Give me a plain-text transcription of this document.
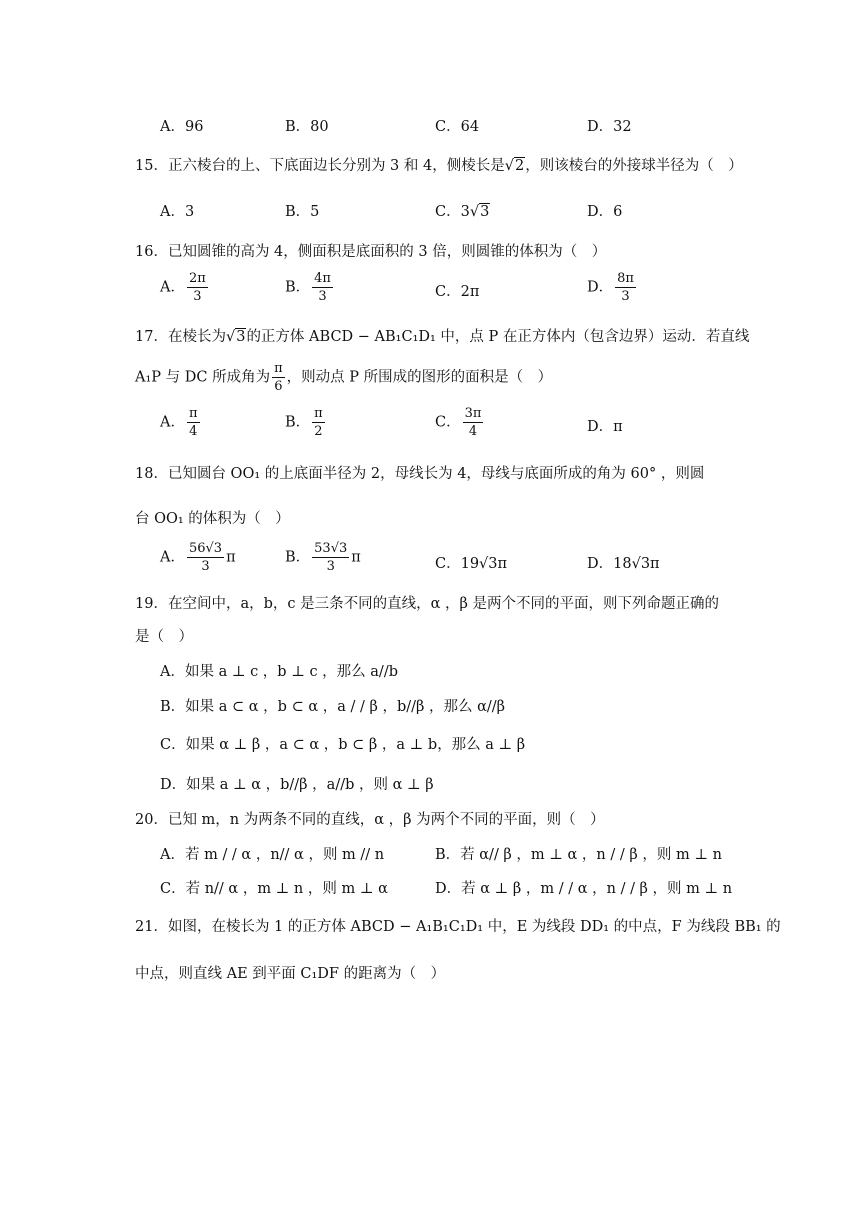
A．96	B．80	C．64	D．32
15．正六棱台的上、下底面边长分别为 3 和 4，侧棱长是√2，则该棱台的外接球半径为（　）
A．3	B．5	C．3√3	D．6
16．已知圆锥的高为 4，侧面积是底面积的 3 倍，则圆锥的体积为（　）
A． $\frac{2\pi}{3}$	B． $\frac{4\pi}{3}$	C．2π	D． $\frac{8\pi}{3}$
17．在棱长为√3的正方体 ABCD − AB₁C₁D₁ 中，点 P 在正方体内（包含边界）运动．若直线
A₁P 与 DC 所成角为 $\frac{\pi}{6}$ ，则动点 P 所围成的图形的面积是（　）
A． $\frac{\pi}{4}$	B． $\frac{\pi}{2}$	C． $\frac{3\pi}{4}$	D．π
18．已知圆台 OO₁ 的上底面半径为 2，母线长为 4，母线与底面所成的角为 60° ，则圆
台 OO₁ 的体积为（　）
A． $\frac{56√3}{3}$ π	B． $\frac{53√3}{3}$ π	C．19√3π	D．18√3π
19．在空间中，a，b，c 是三条不同的直线，α ，β 是两个不同的平面，则下列命题正确的
是（　）
A．如果 a ⊥ c ，b ⊥ c ，那么 a//b
B．如果 a ⊂ α ，b ⊂ α ，a / / β ，b//β ，那么 α//β
C．如果 α ⊥ β ，a ⊂ α ，b ⊂ β ，a ⊥ b，那么 a ⊥ β
D．如果 a ⊥ α ，b//β ，a//b ，则 α ⊥ β
20．已知 m，n 为两条不同的直线，α ，β 为两个不同的平面，则（　）
A．若 m / / α ，n// α ，则 m // n	B．若 α// β ，m ⊥ α ，n / / β ，则 m ⊥ n
C．若 n// α ，m ⊥ n ，则 m ⊥ α	D．若 α ⊥ β ，m / / α ，n / / β ，则 m ⊥ n
21．如图，在棱长为 1 的正方体 ABCD − A₁B₁C₁D₁ 中，E 为线段 DD₁ 的中点，F 为线段 BB₁ 的
中点，则直线 AE 到平面 C₁DF 的距离为（　）
